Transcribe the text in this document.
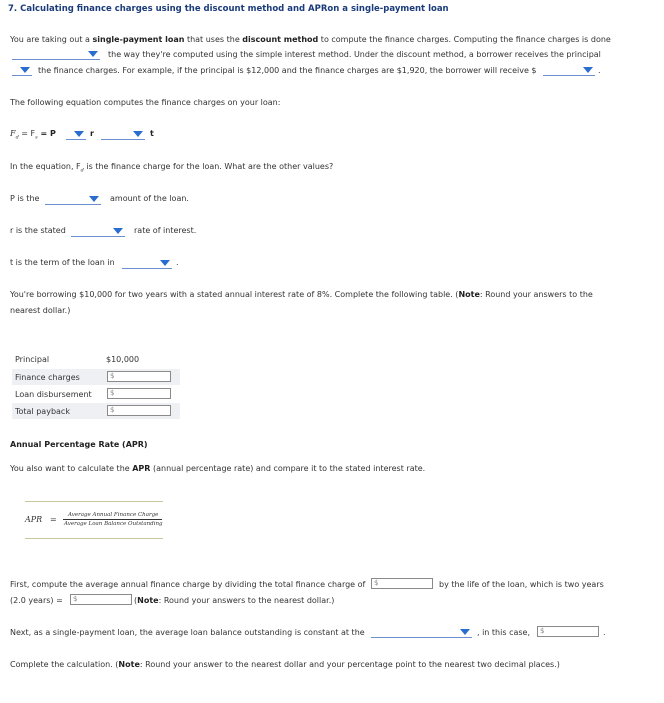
7. Calculating finance charges using the discount method and APRon a single-payment loan
You are taking out a single-payment loan that uses the discount method to compute the finance charges. Computing the finance charges is done
the way they're computed using the simple interest method. Under the discount method, a borrower receives the principal
the finance charges. For example, if the principal is $12,000 and the finance charges are $1,920, the borrower will receive $	.
The following equation computes the finance charges on your loan:
$F_d = F_s = P$	r	t
In the equation, $F_d$ is the finance charge for the loan. What are the other values?
P is the	amount of the loan.
r is the stated	rate of interest.
t is the term of the loan in	.
You're borrowing $10,000 for two years with a stated annual interest rate of 8%. Complete the following table. (Note: Round your answers to the
nearest dollar.)
Principal	$10,000
Finance charges	$
Loan disbursement	$
Total payback	$
Annual Percentage Rate (APR)
You also want to calculate the APR (annual percentage rate) and compare it to the stated interest rate.
APR = Average Annual Finance Charge
Average Loan Balance Outstanding
First, compute the average annual finance charge by dividing the total finance charge of $	by the life of the loan, which is two years
(2.0 years) = $	(Note: Round your answers to the nearest dollar.)
Next, as a single-payment loan, the average loan balance outstanding is constant at the	, in this case, $	.
Complete the calculation. (Note: Round your answer to the nearest dollar and your percentage point to the nearest two decimal places.)
